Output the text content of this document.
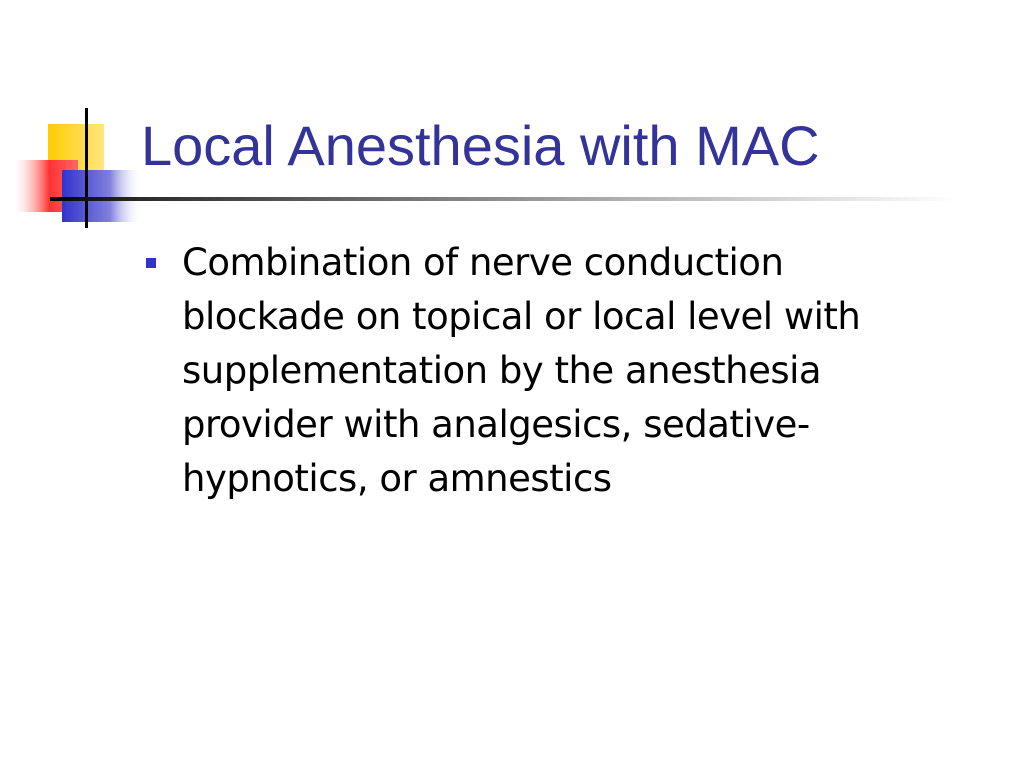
Local Anesthesia with MAC
Combination of nerve conduction
blockade on topical or local level with
supplementation by the anesthesia
provider with analgesics, sedative-
hypnotics, or amnestics
